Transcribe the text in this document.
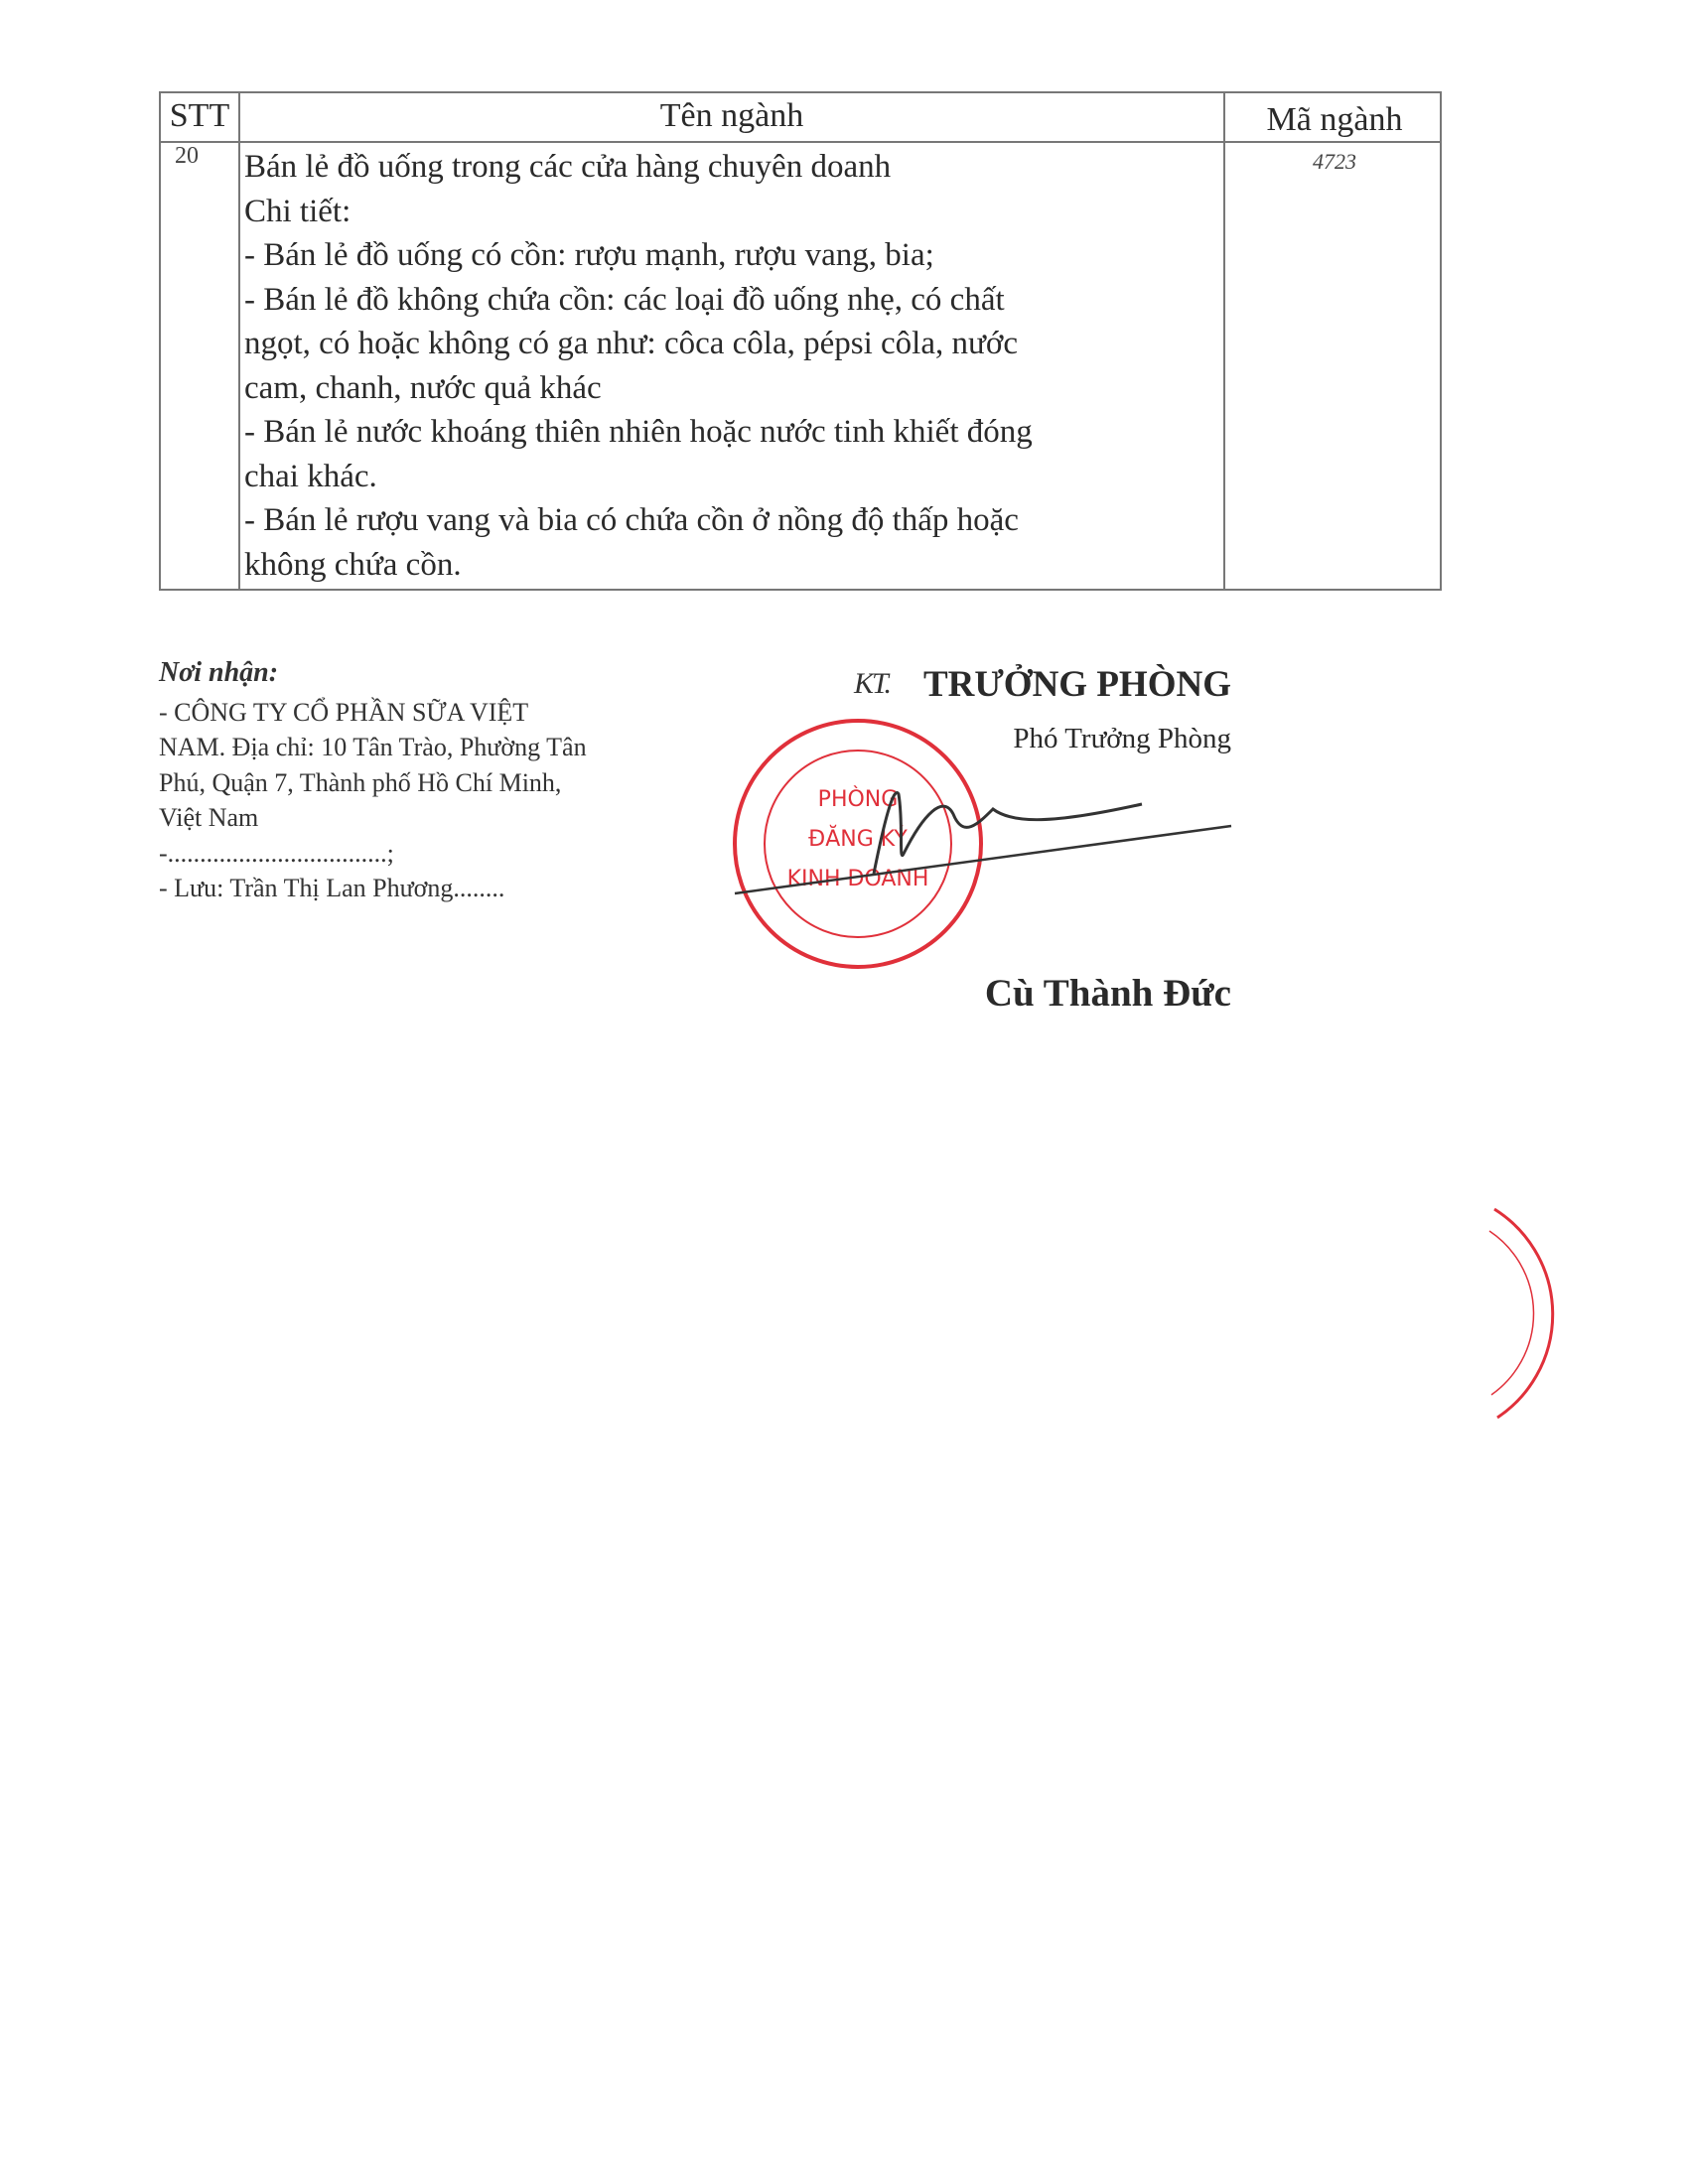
STT	Tên ngành	Mã ngành
20 Bán lẻ đồ uống trong các cửa hàng chuyên doanh
Chi tiết:
- Bán lẻ đồ uống có cồn: rượu mạnh, rượu vang, bia;
- Bán lẻ đồ không chứa cồn: các loại đồ uống nhẹ, có chất
ngọt, có hoặc không có ga như: côca côla, pépsi côla, nước
cam, chanh, nước quả khác
- Bán lẻ nước khoáng thiên nhiên hoặc nước tinh khiết đóng
chai khác.
- Bán lẻ rượu vang và bia có chứa cồn ở nồng độ thấp hoặc
không chứa cồn.
4723
Nơi nhận:
- CÔNG TY CỔ PHẦN SỮA VIỆT
NAM. Địa chỉ: 10 Tân Trào, Phường Tân
Phú, Quận 7, Thành phố Hồ Chí Minh,
Việt Nam
-..................................;
- Lưu: Trần Thị Lan Phương........
PHÒNG
ĐĂNG KÝ
KINH DOANH
KT. TRƯỞNG PHÒNG
Phó Trưởng Phòng
Cù Thành Đức
